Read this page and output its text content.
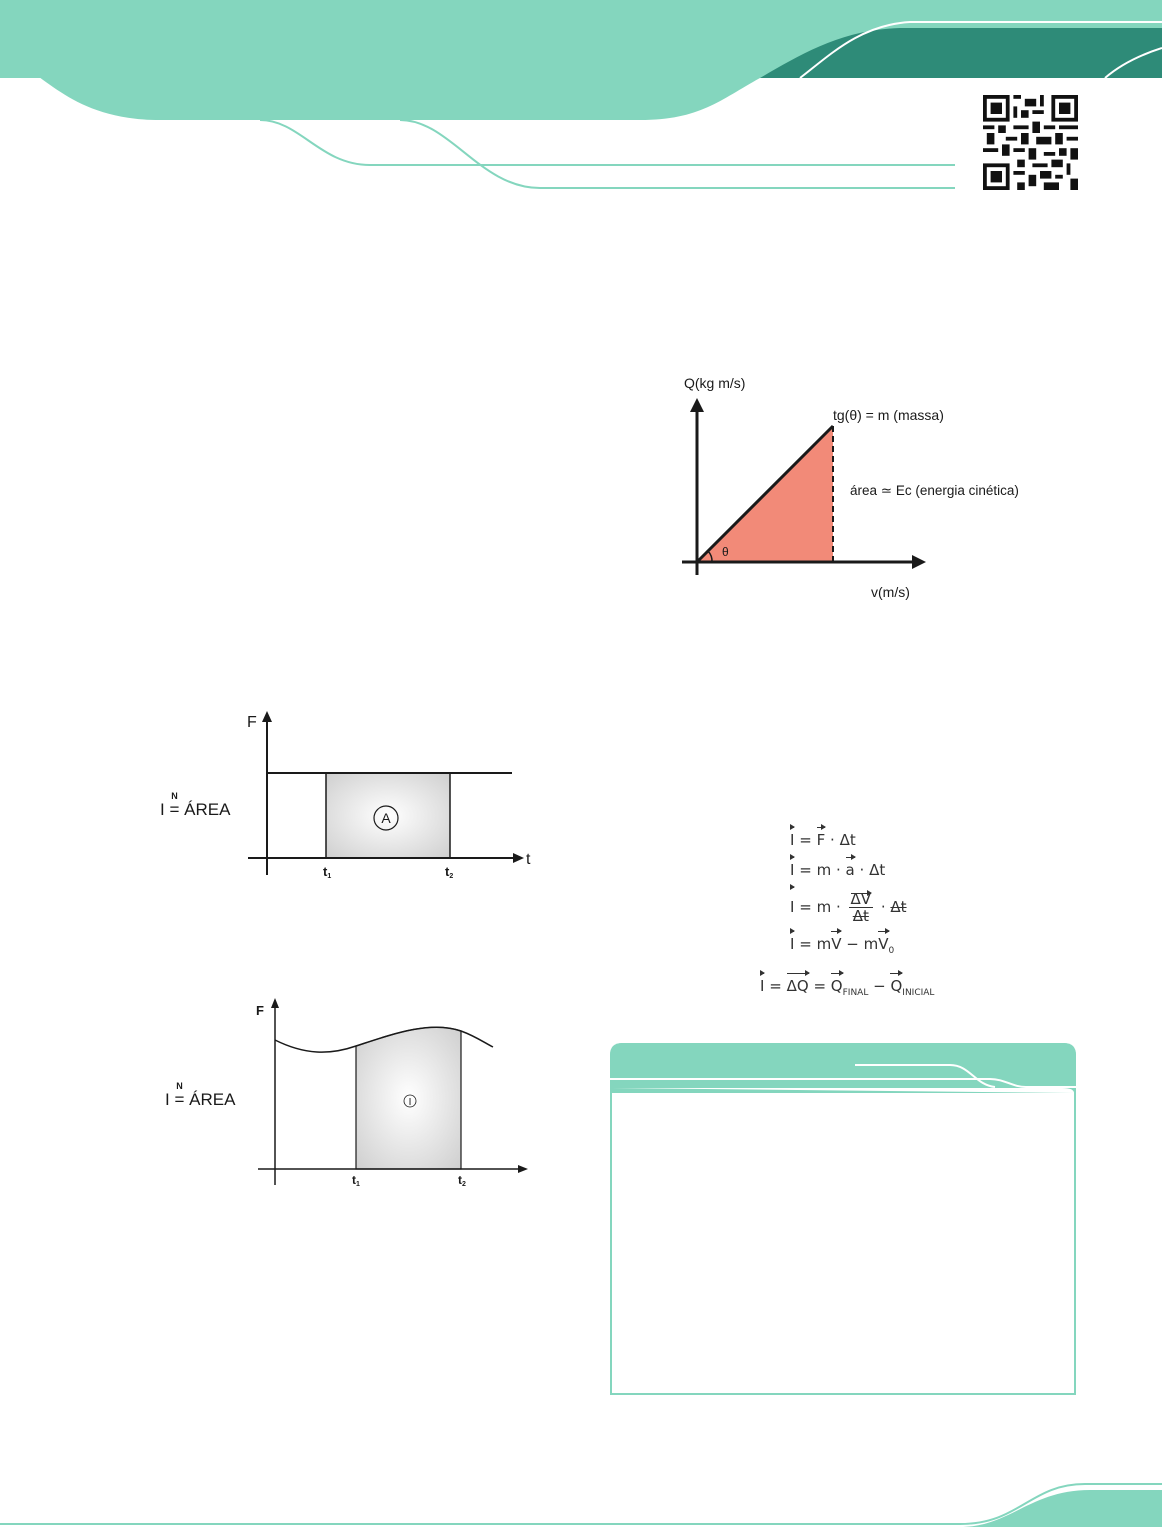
θ
Q(kg m/s)
v(m/s)
tg(θ) = m (massa)
área ≃ Ec (energia cinética)
I
N
= ÁREA	A
F
t
t1	t2
I
N
= ÁREA	I
F
t1	t2
I = F · Δt
I = m · a · Δt
$I = m \cdot \frac{\Delta V}{\Delta t} \cdot \Delta t$
I = mV − $mV_0$
$I = \Delta Q = Q_{FINAL} - Q_{INICIAL}$
